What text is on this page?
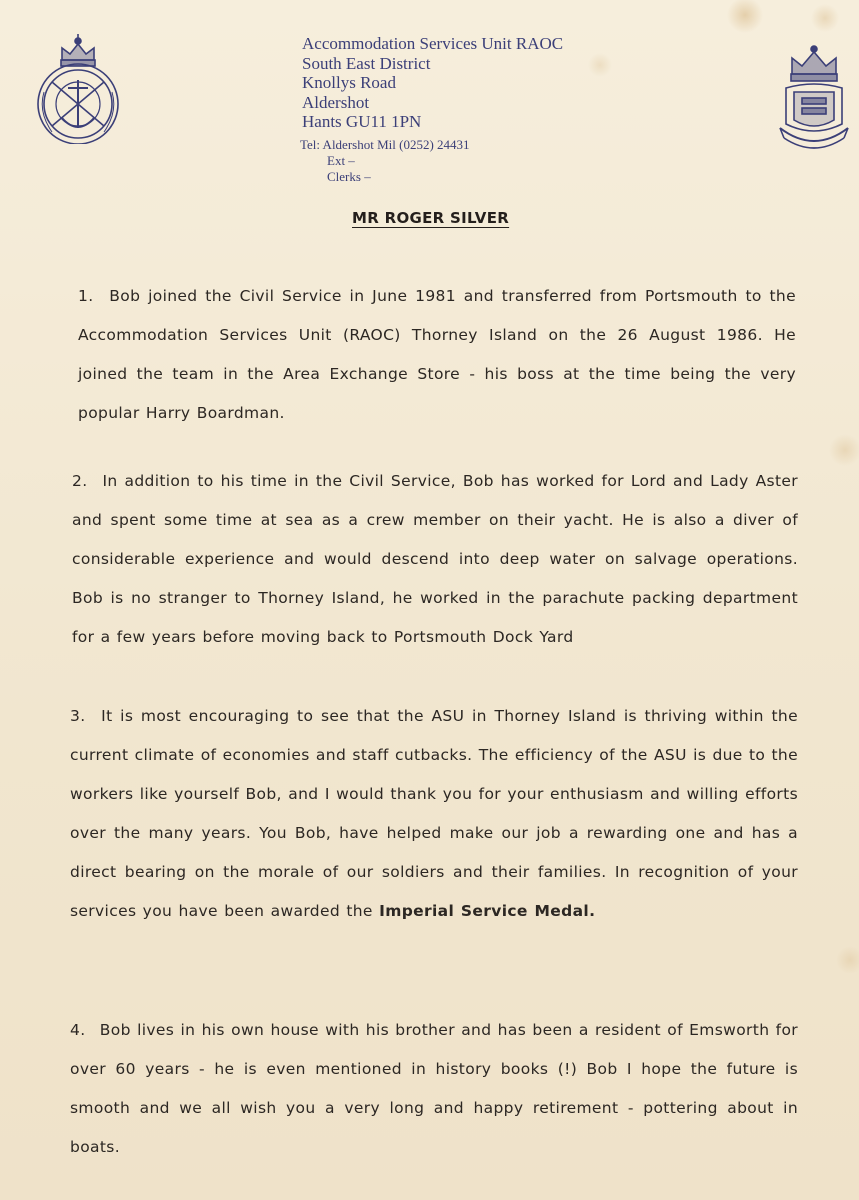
Accommodation Services Unit RAOC
South East District
Knollys Road
Aldershot
Hants GU11 1PN
Tel: Aldershot Mil (0252) 24431
Ext –
Clerks –
MR ROGER SILVER
1. Bob joined the Civil Service in June 1981 and transferred from Portsmouth to the Accommodation Services Unit (RAOC) Thorney Island on the 26 August 1986. He joined the team in the Area Exchange Store - his boss at the time being the very popular Harry Boardman.
2. In addition to his time in the Civil Service, Bob has worked for Lord and Lady Aster and spent some time at sea as a crew member on their yacht. He is also a diver of considerable experience and would descend into deep water on salvage operations. Bob is no stranger to Thorney Island, he worked in the parachute packing department for a few years before moving back to Portsmouth Dock Yard
3. It is most encouraging to see that the ASU in Thorney Island is thriving within the current climate of economies and staff cutbacks. The efficiency of the ASU is due to the workers like yourself Bob, and I would thank you for your enthusiasm and willing efforts over the many years. You Bob, have helped make our job a rewarding one and has a direct bearing on the morale of our soldiers and their families. In recognition of your services you have been awarded the Imperial Service Medal.
4. Bob lives in his own house with his brother and has been a resident of Emsworth for over 60 years - he is even mentioned in history books (!) Bob I hope the future is smooth and we all wish you a very long and happy retirement - pottering about in boats.
